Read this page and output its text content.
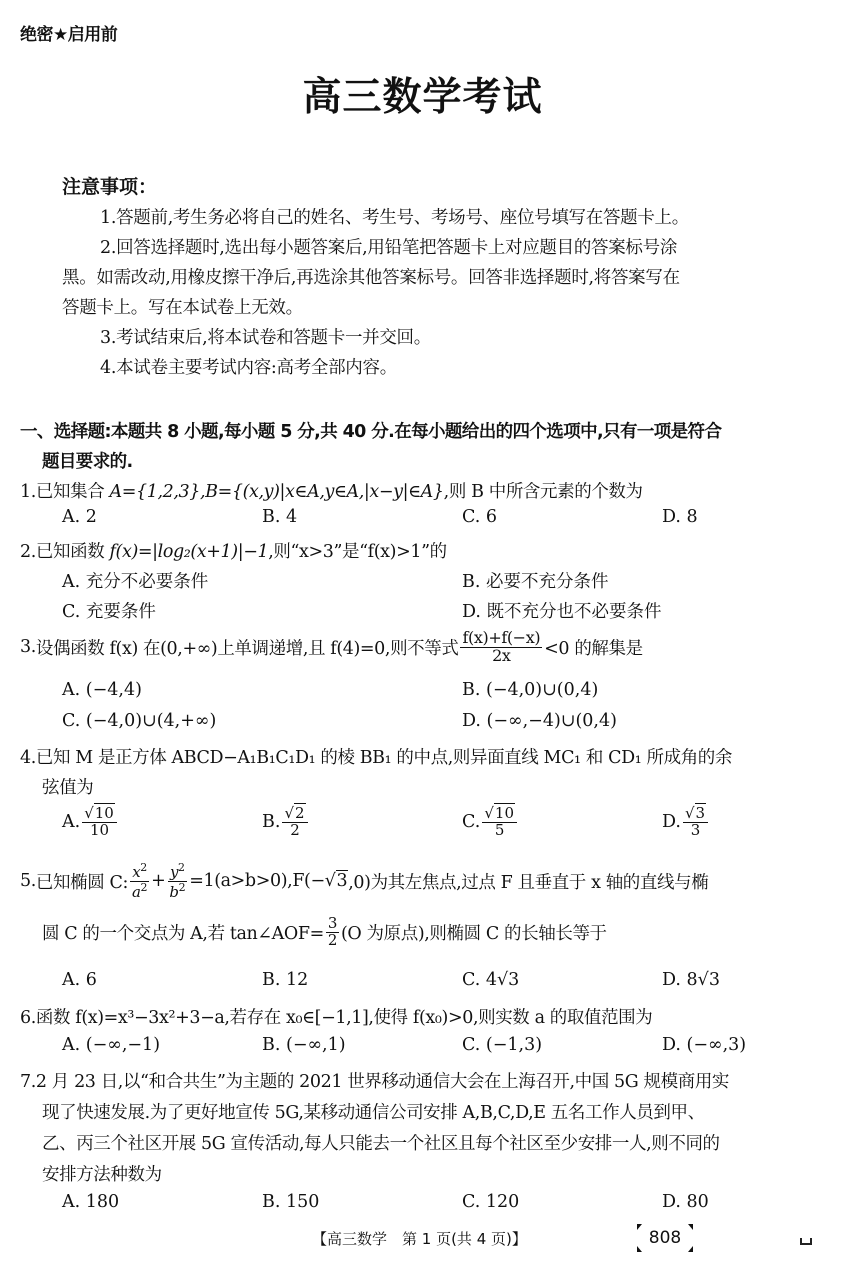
绝密★启用前
高三数学考试
注意事项：
1.答题前,考生务必将自己的姓名、考生号、考场号、座位号填写在答题卡上。
2.回答选择题时,选出每小题答案后,用铅笔把答题卡上对应题目的答案标号涂
黑。如需改动,用橡皮擦干净后,再选涂其他答案标号。回答非选择题时,将答案写在
答题卡上。写在本试卷上无效。
3.考试结束后,将本试卷和答题卡一并交回。
4.本试卷主要考试内容:高考全部内容。
一、选择题:本题共 8 小题,每小题 5 分,共 40 分.在每小题给出的四个选项中,只有一项是符合
题目要求的.
1.已知集合 A={1,2,3},B={(x,y)|x∈A,y∈A,|x−y|∈A},则 B 中所含元素的个数为
A. 2	B. 4	C. 6	D. 8
2.已知函数 f(x)=|log₂(x+1)|−1,则“x>3”是“f(x)>1”的
A. 充分不必要条件	B. 必要不充分条件
C. 充要条件	D. 既不充分也不必要条件
3. 设偶函数 f(x) 在(0,+∞)上单调递增,且 f(4)=0,则不等式 $\frac{f(x)+f(-x)}{2x} <0$ 的解集是
A. (−4,4)	B. (−4,0)∪(0,4)
C. (−4,0)∪(4,+∞)	D. (−∞,−4)∪(0,4)
4.已知 M 是正方体 ABCD−A₁B₁C₁D₁ 的棱 BB₁ 的中点,则异面直线 MC₁ 和 CD₁ 所成角的余
弦值为
A. $\frac{√10}{10}$	B. $\frac{√2}{2}$	C. $\frac{√10}{5}$	D. $\frac{√3}{3}$
5. 已知椭圆 C: $\frac{x^2}{a^2} + \frac{y^2}{b^2} =1(a>b>0),F(- √3$ ,0)为其左焦点,过点 F 且垂直于 x 轴的直线与椭
圆 C 的一个交点为 A,若 tan∠AOF= $\frac{3}{2} (O$ 为原点),则椭圆 C 的长轴长等于
A. 6	B. 12	C. 4√3	D. 8√3
6.函数 f(x)=x³−3x²+3−a,若存在 x₀∈[−1,1],使得 f(x₀)>0,则实数 a 的取值范围为
A. (−∞,−1)	B. (−∞,1)	C. (−1,3)	D. (−∞,3)
7.2 月 23 日,以“和合共生”为主题的 2021 世界移动通信大会在上海召开,中国 5G 规模商用实
现了快速发展.为了更好地宣传 5G,某移动通信公司安排 A,B,C,D,E 五名工作人员到甲、
乙、丙三个社区开展 5G 宣传活动,每人只能去一个社区且每个社区至少安排一人,则不同的
安排方法种数为
A. 180	B. 150	C. 120	D. 80
【高三数学　第 1 页(共 4 页)】	808
